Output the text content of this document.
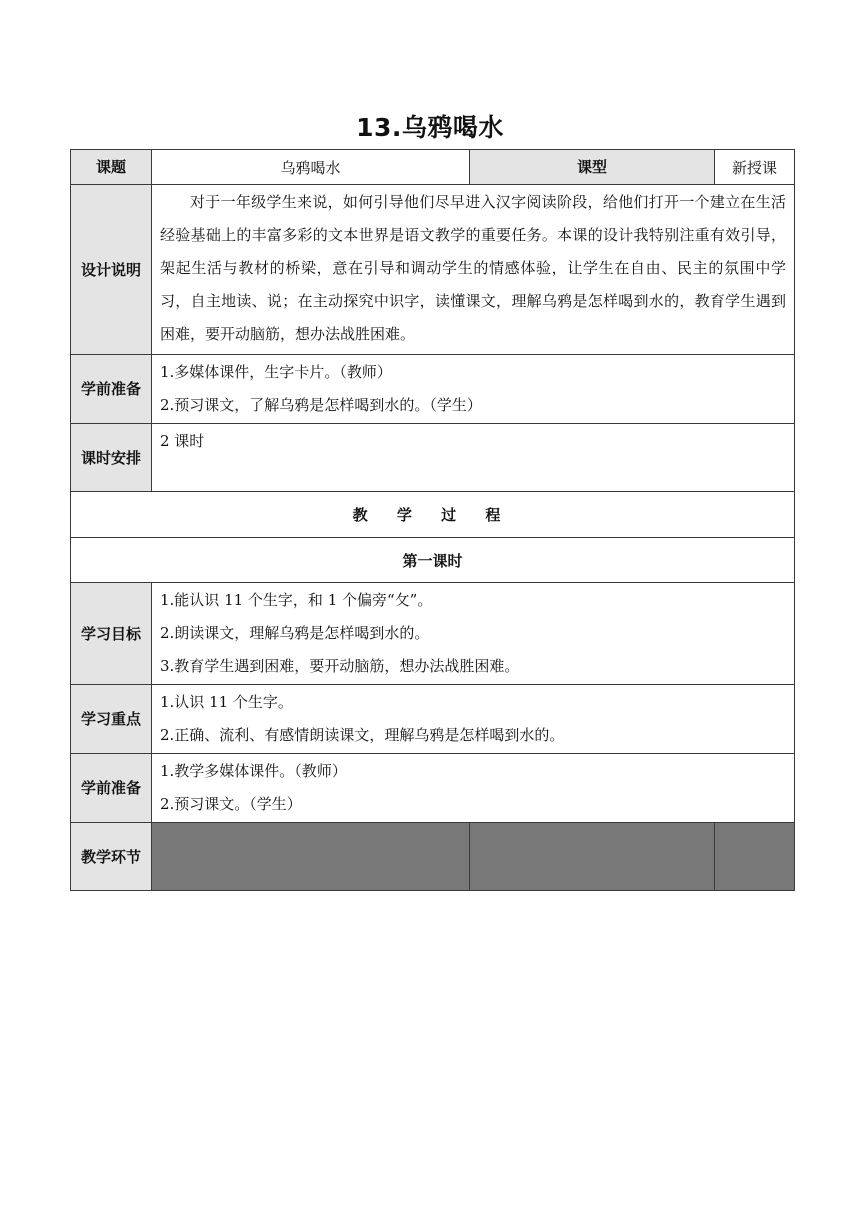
13.乌鸦喝水
课题	乌鸦喝水	课型	新授课
设计说明	对于一年级学生来说，如何引导他们尽早进入汉字阅读阶段，给他们打开一个建立在生活经验基础上的丰富多彩的文本世界是语文教学的重要任务。本课的设计我特别注重有效引导，架起生活与教材的桥梁，意在引导和调动学生的情感体验，让学生在自由、民主的氛围中学习，自主地读、说；在主动探究中识字，读懂课文，理解乌鸦是怎样喝到水的，教育学生遇到困难，要开动脑筋，想办法战胜困难。		

学前准备	1.多媒体课件，生字卡片。（教师）

2.预习课文，了解乌鸦是怎样喝到水的。（学生）		

课时安排	2 课时		

教 学 过 程			
第一课时			
学习目标	1.能认识 11 个生字，和 1 个偏旁“攵”。

2.朗读课文，理解乌鸦是怎样喝到水的。

3.教育学生遇到困难，要开动脑筋，想办法战胜困难。		

学习重点	1.认识 11 个生字。

2.正确、流利、有感情朗读课文，理解乌鸦是怎样喝到水的。		

学前准备	1.教学多媒体课件。（教师）

2.预习课文。（学生）		

教学环节			
